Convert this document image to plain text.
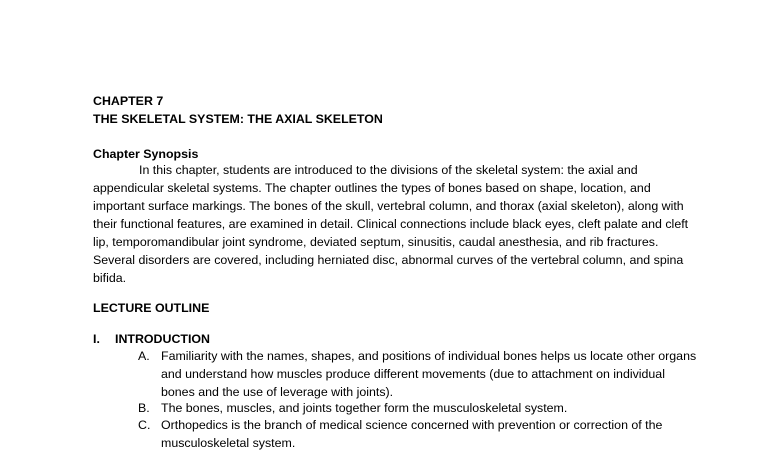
CHAPTER 7
THE SKELETAL SYSTEM: THE AXIAL SKELETON
Chapter Synopsis
In this chapter, students are introduced to the divisions of the skeletal system: the axial and appendicular skeletal systems. The chapter outlines the types of bones based on shape, location, and important surface markings. The bones of the skull, vertebral column, and thorax (axial skeleton), along with their functional features, are examined in detail. Clinical connections include black eyes, cleft palate and cleft lip, temporomandibular joint syndrome, deviated septum, sinusitis, caudal anesthesia, and rib fractures. Several disorders are covered, including herniated disc, abnormal curves of the vertebral column, and spina bifida.
LECTURE OUTLINE
I. INTRODUCTION
A. Familiarity with the names, shapes, and positions of individual bones helps us locate other organs and understand how muscles produce different movements (due to attachment on individual bones and the use of leverage with joints).
B. The bones, muscles, and joints together form the musculoskeletal system.
C. Orthopedics is the branch of medical science concerned with prevention or correction of the musculoskeletal system.
